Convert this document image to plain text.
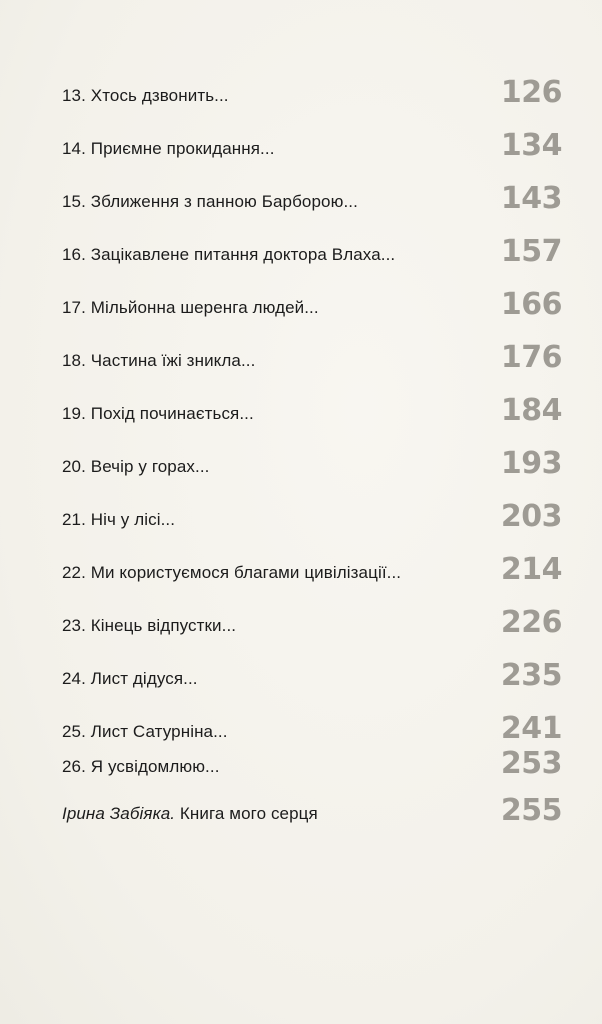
13. Хтось дзвонить...	126
14. Приємне прокидання...	134
15. Зближення з панною Барборою...	143
16. Зацікавлене питання доктора Влаха...	157
17. Мільйонна шеренга людей...	166
18. Частина їжі зникла...	176
19. Похід починається...	184
20. Вечір у горах...	193
21. Ніч у лісі...	203
22. Ми користуємося благами цивілізації...	214
23. Кінець відпустки...	226
24. Лист дідуся...	235
25. Лист Сатурніна...	241
26. Я усвідомлюю...	253
Ірина Забіяка. Книга мого серця	255
